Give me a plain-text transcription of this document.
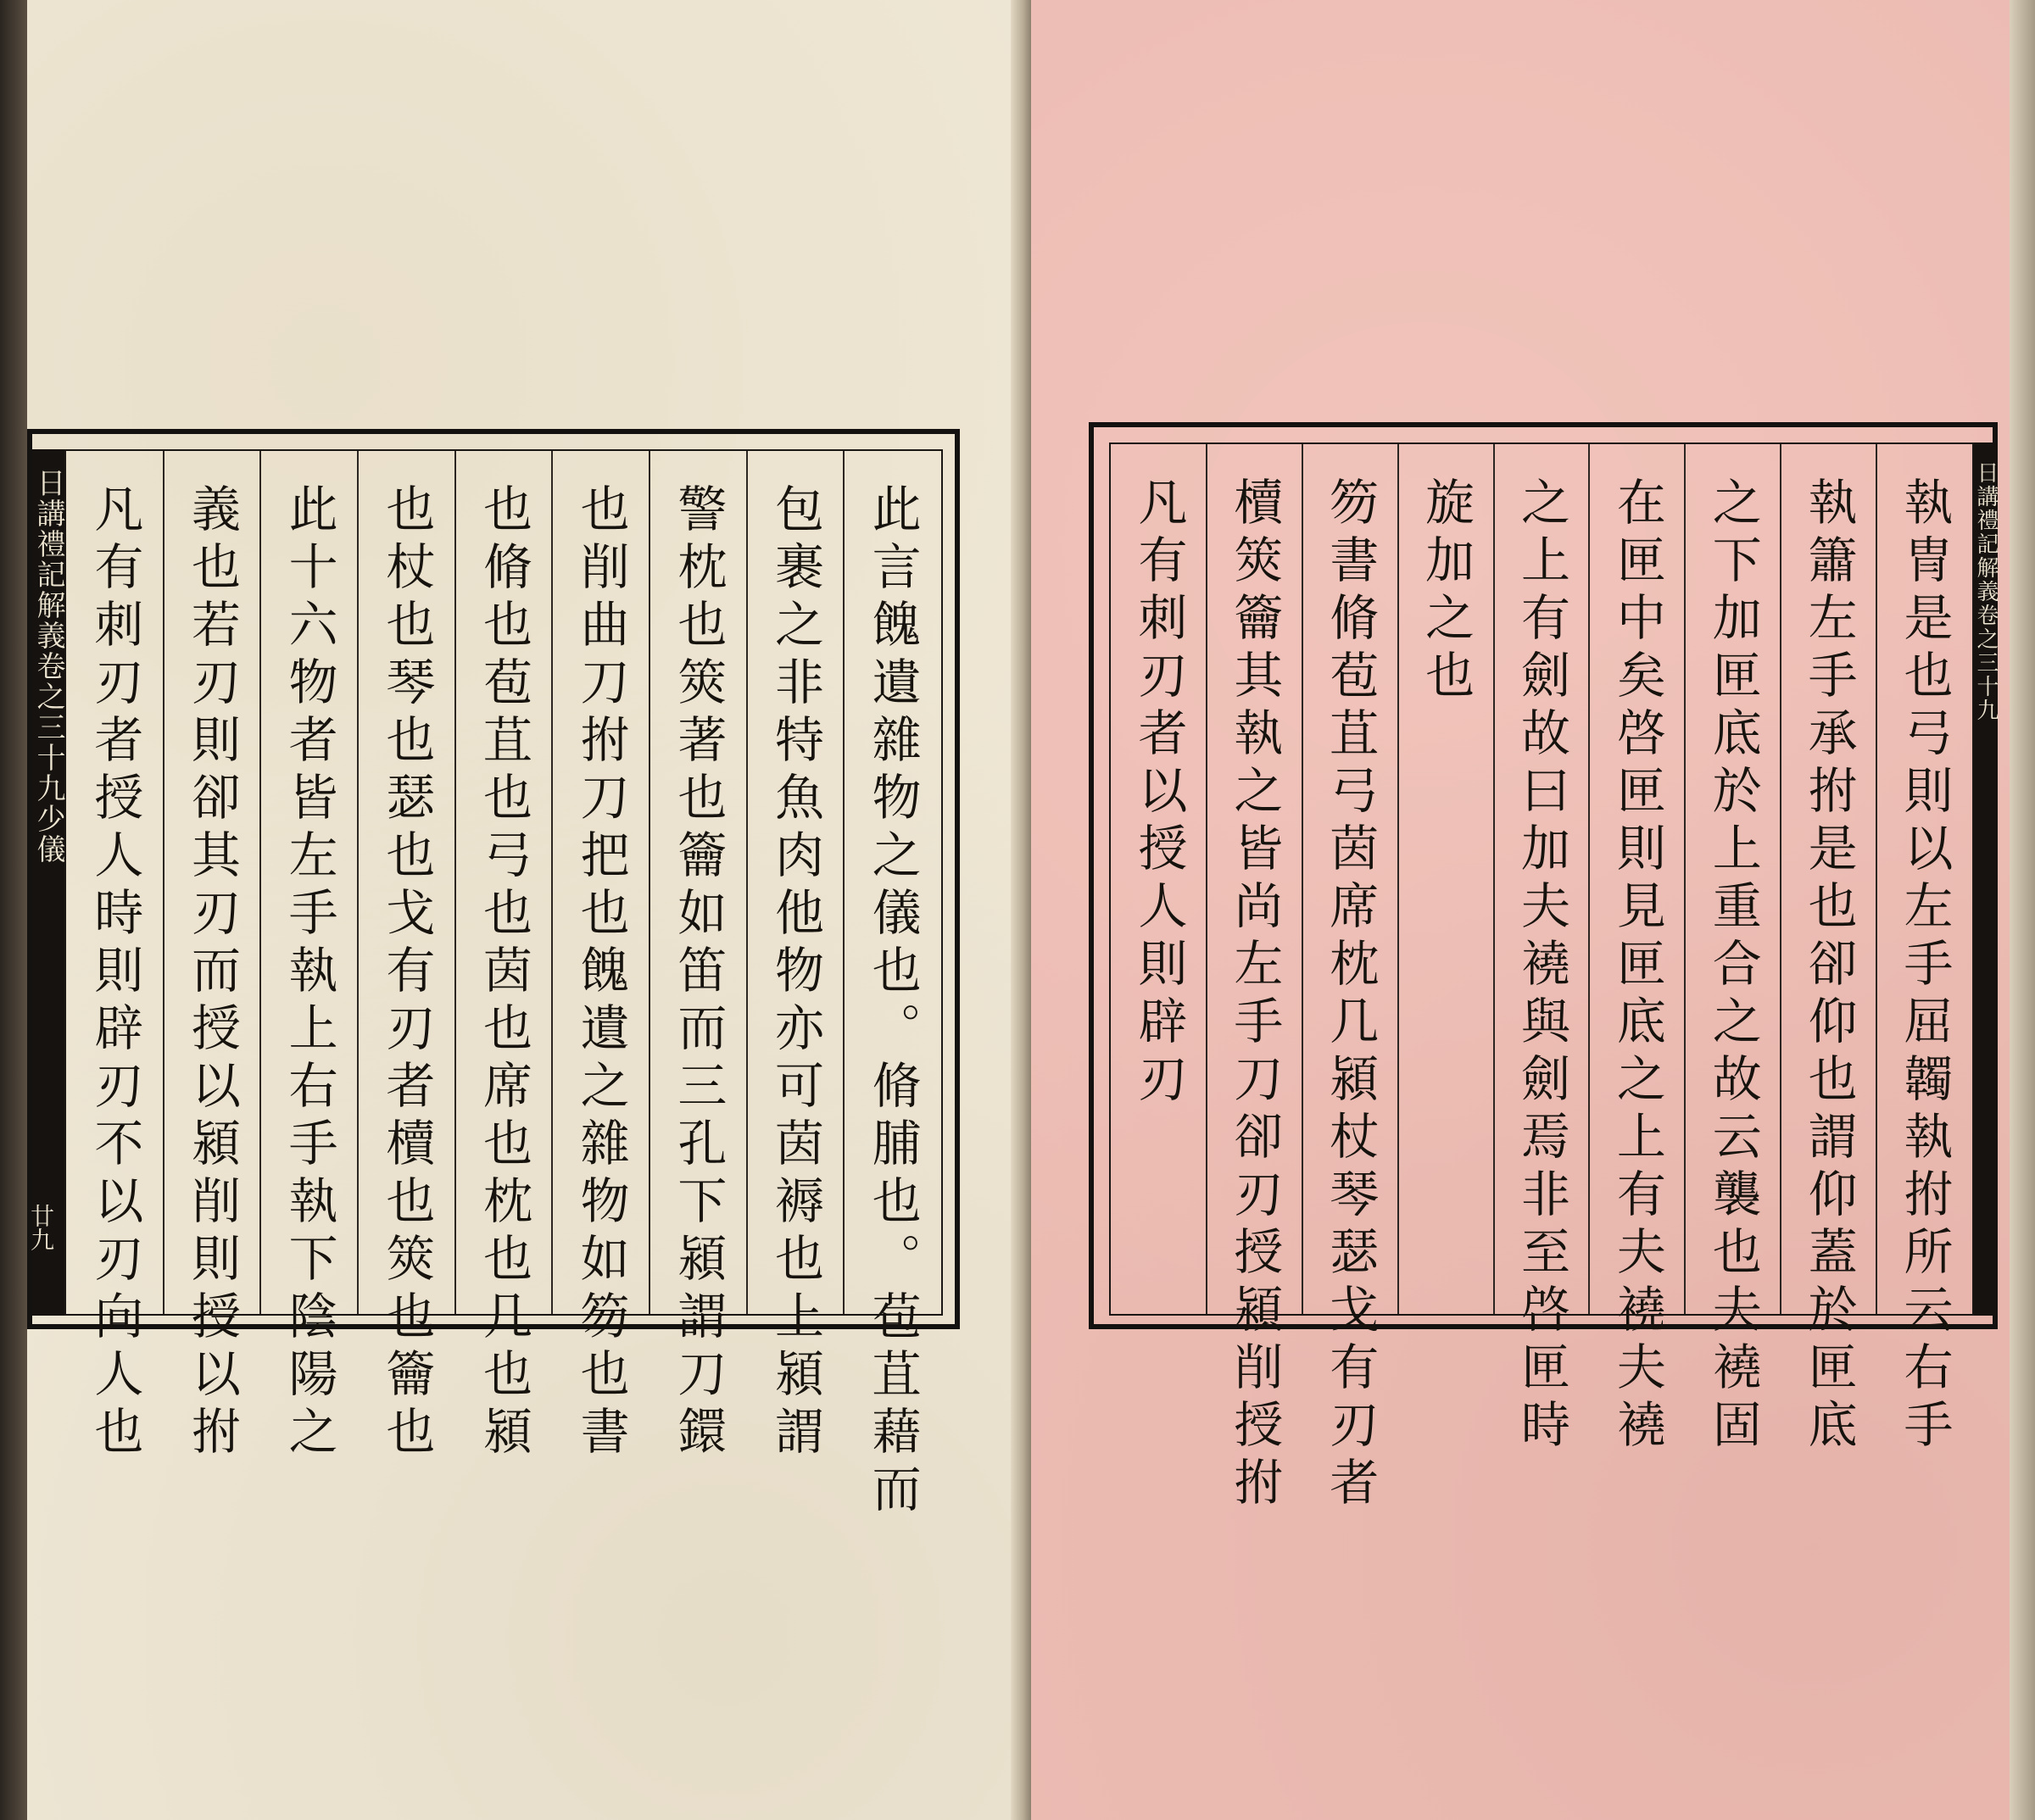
此言餽遺雜物之儀也。脩脯也。苞苴藉而
包裹之非特魚肉他物亦可茵褥也上潁謂
警枕也筴著也籥如笛而三孔下潁謂刀鐶
也削曲刀拊刀把也餽遺之雜物如笏也書
也脩也苞苴也弓也茵也席也枕也几也潁
也杖也琴也瑟也戈有刃者櫝也筴也籥也
此十六物者皆左手執上右手執下陰陽之
義也若刃則卻其刃而授以潁削則授以拊
凡有刺刃者授人時則辟刃不以刃向人也
日講禮記解義卷之三十九少儀	執冑是也弓則以左手屈韣執拊所云右手
執簫左手承拊是也卻仰也謂仰蓋於匣底
之下加匣底於上重合之故云襲也夫襓固
在匣中矣啓匣則見匣底之上有夫襓夫襓
之上有劍故曰加夫襓與劍焉非至啓匣時
旋加之也
笏書脩苞苴弓茵席枕几潁杖琴瑟戈有刃者
櫝筴籥其執之皆尚左手刀卻刃授潁削授拊
凡有刺刃者以授人則辟刃	日講禮記解義卷之三十九
廿九
